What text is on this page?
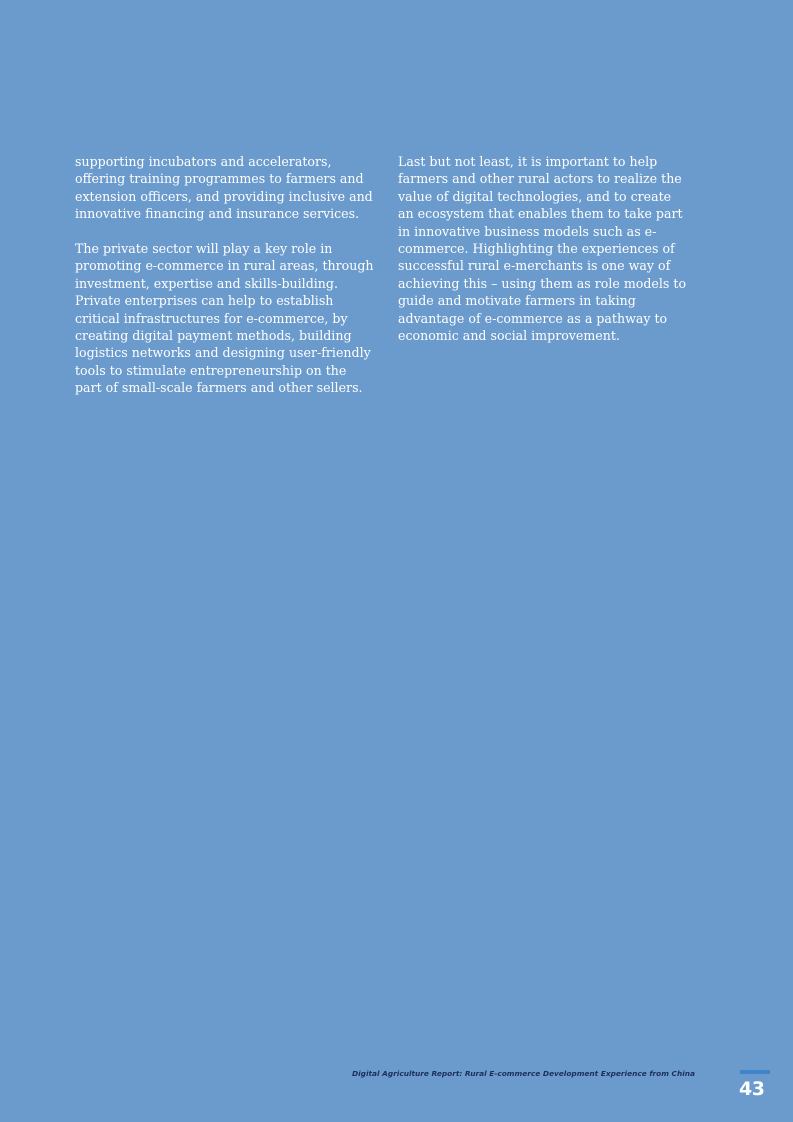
supporting incubators and accelerators, offering training programmes to farmers and extension officers, and providing inclusive and innovative financing and insurance services.

The private sector will play a key role in promoting e-commerce in rural areas, through investment, expertise and skills-building. Private enterprises can help to establish critical infrastructures for e-commerce, by creating digital payment methods, building logistics networks and designing user-friendly tools to stimulate entrepreneurship on the part of small-scale farmers and other sellers.

Last but not least, it is important to help farmers and other rural actors to realize the value of digital technologies, and to create an ecosystem that enables them to take part in innovative business models such as e-commerce. Highlighting the experiences of successful rural e-merchants is one way of achieving this – using them as role models to guide and motivate farmers in taking advantage of e-commerce as a pathway to economic and social improvement.

Digital Agriculture Report: Rural E-commerce Development Experience from China
43
